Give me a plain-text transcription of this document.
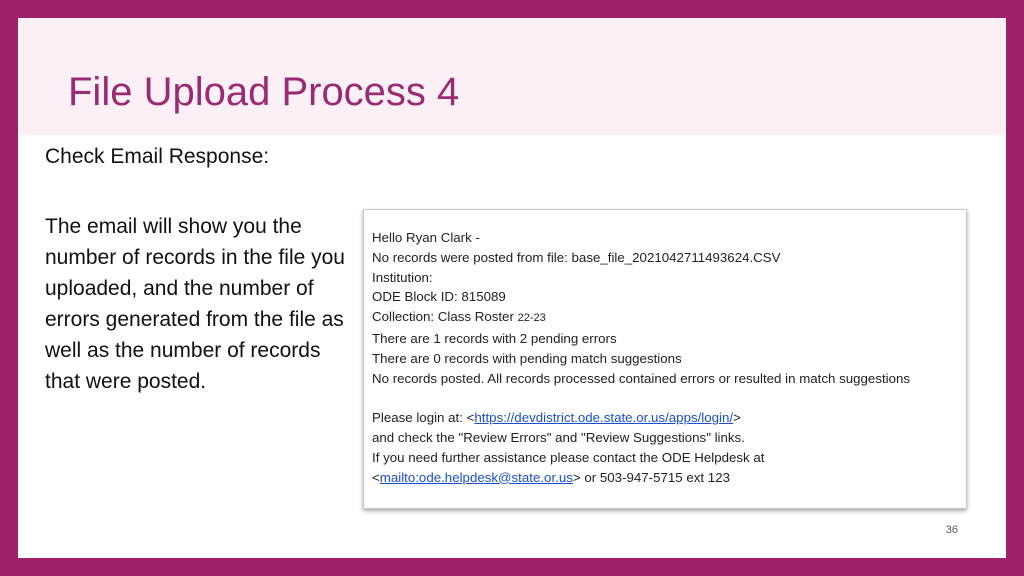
File Upload Process 4
Check Email Response:
The email will show you the number of records in the file you uploaded, and the number of errors generated from the file as well as the number of records that were posted.
Hello Ryan Clark -
No records were posted from file: base_file_2021042711493624.CSV
Institution:
ODE Block ID: 815089
Collection: Class Roster 22-23
There are 1 records with 2 pending errors
There are 0 records with pending match suggestions
No records posted. All records processed contained errors or resulted in match suggestions
Please login at: <https://devdistrict.ode.state.or.us/apps/login/>
and check the "Review Errors" and "Review Suggestions" links.
If you need further assistance please contact the ODE Helpdesk at
<mailto:ode.helpdesk@state.or.us> or 503-947-5715 ext 123
36
